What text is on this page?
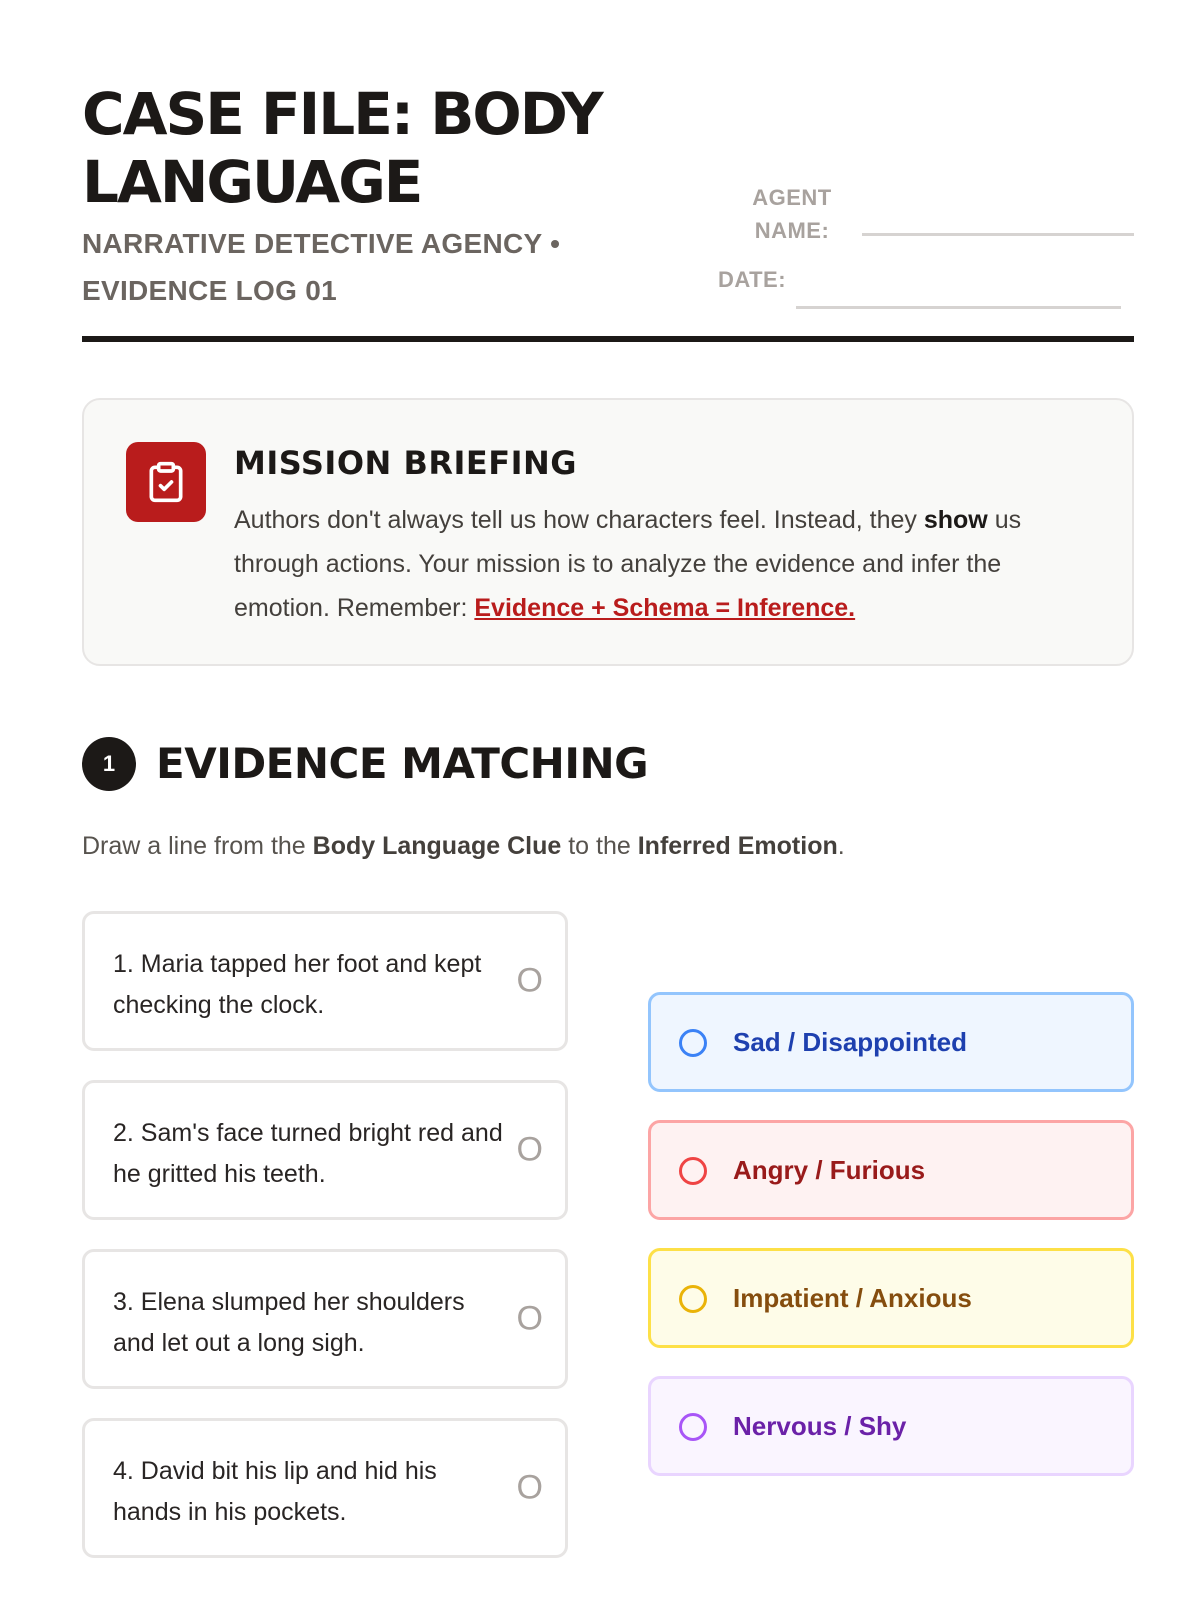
CASE FILE: BODY LANGUAGE
NARRATIVE DETECTIVE AGENCY • EVIDENCE LOG 01
AGENT
NAME:
DATE:
MISSION BRIEFING
Authors don't always tell us how characters feel. Instead, they show us through actions. Your mission is to analyze the evidence and infer the emotion. Remember: Evidence + Schema = Inference.
1 EVIDENCE MATCHING
Draw a line from the Body Language Clue to the Inferred Emotion.
1. Maria tapped her foot and kept checking the clock.
O
2. Sam's face turned bright red and he gritted his teeth.
O
3. Elena slumped her shoulders and let out a long sigh.
O
4. David bit his lip and hid his hands in his pockets.
O
Sad / Disappointed
Angry / Furious
Impatient / Anxious
Nervous / Shy
